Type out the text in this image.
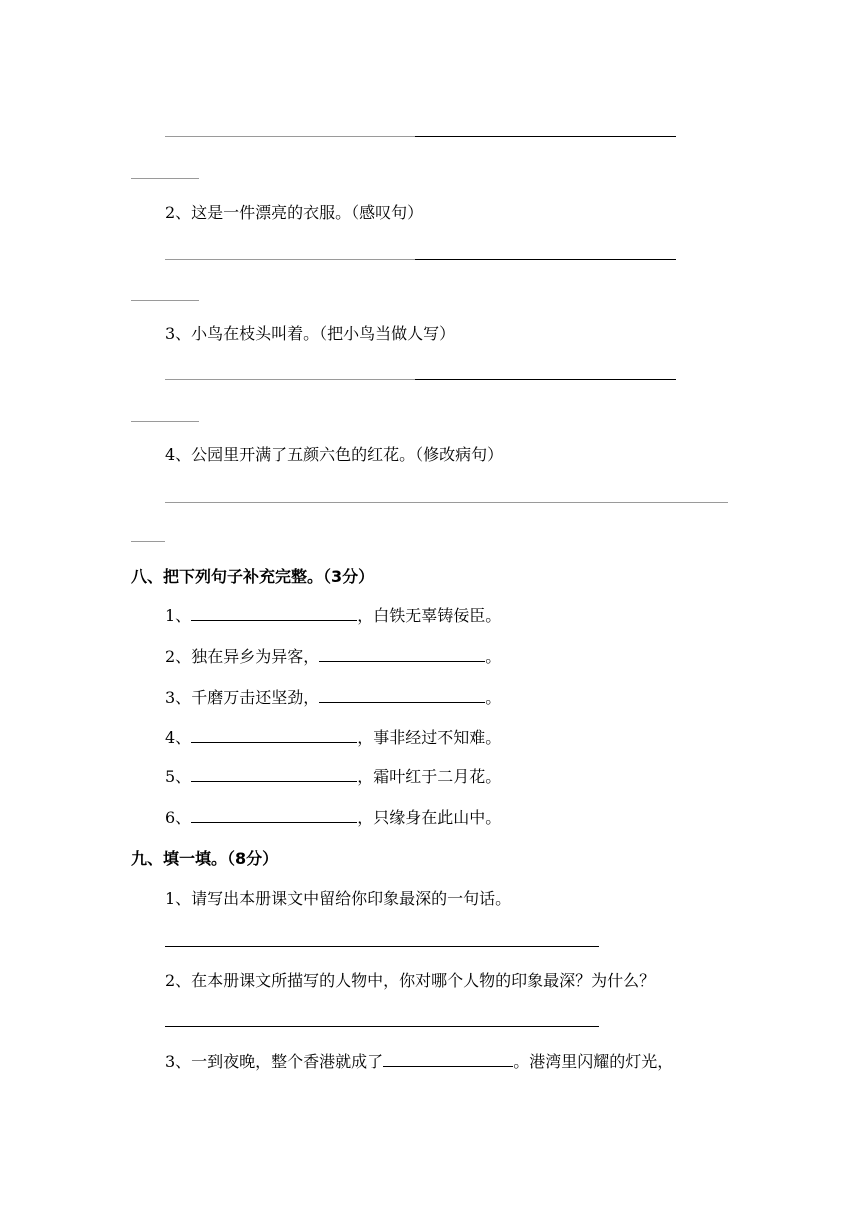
2、这是一件漂亮的衣服。（感叹句）
3、小鸟在枝头叫着。（把小鸟当做人写）
4、公园里开满了五颜六色的红花。（修改病句）
八、把下列句子补充完整。（3分）
1、	，白铁无辜铸佞臣。
2、独在异乡为异客，	。
3、千磨万击还坚劲，	。
4、	，事非经过不知难。
5、	，霜叶红于二月花。
6、	，只缘身在此山中。
九、填一填。（8分）
1、请写出本册课文中留给你印象最深的一句话。
2、在本册课文所描写的人物中，你对哪个人物的印象最深？为什么？
3、一到夜晚，整个香港就成了	。港湾里闪耀的灯光，
